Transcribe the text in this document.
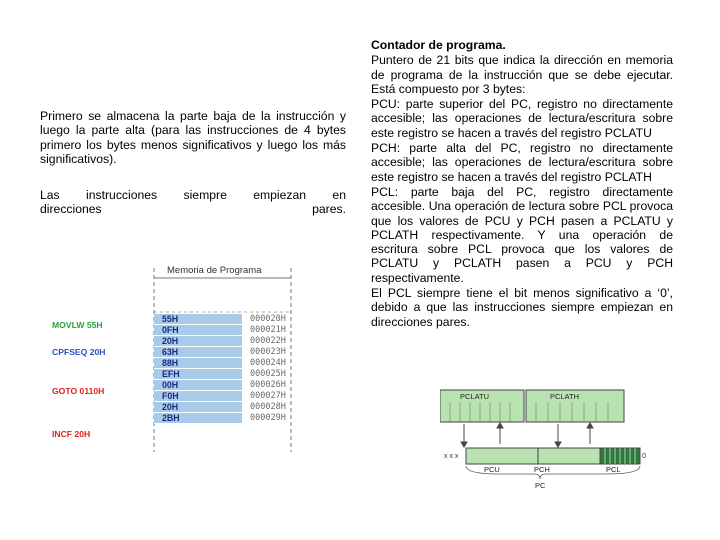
Primero se almacena la parte baja de la instrucción y luego la parte alta (para las instrucciones de 4 bytes primero los bytes menos significativos y luego los más significativos).
Las instrucciones siempre empiezan en
direcciones pares.

Contador de programa.

Puntero de 21 bits que indica la dirección en memoria de programa de la instrucción que se debe ejecutar. Está compuesto por 3 bytes:

PCU: parte superior del PC, registro no directamente accesible; las operaciones de lectura/escritura sobre este registro se hacen a través del registro PCLATU

PCH: parte alta del PC, registro no directamente accesible; las operaciones de lectura/escritura sobre este registro se hacen a través del registro PCLATH

PCL: parte baja del PC, registro directamente accesible. Una operación de lectura sobre PCL provoca que los valores de PCU y PCH pasen a PCLATU y PCLATH respectivamente. Y una operación de escritura sobre PCL provoca que los valores de PCLATU y PCLATH pasen a PCU y PCH respectivamente.

El PCL siempre tiene el bit menos significativo a ‘0’, debido a que las instrucciones siempre empiezan en direcciones pares.

Memoria de Programa
55H	000020H
0FH	000021H
20H	000022H
63H	000023H
88H	000024H
EFH	000025H
00H	000026H
F0H	000027H
20H	000028H
2BH	000029H
MOVLW 55H
CPFSEQ 20H
GOTO 0110H
INCF 20H
PCLATU	PCLATH
x x x	0
PCU	PCH	PCL
PC
